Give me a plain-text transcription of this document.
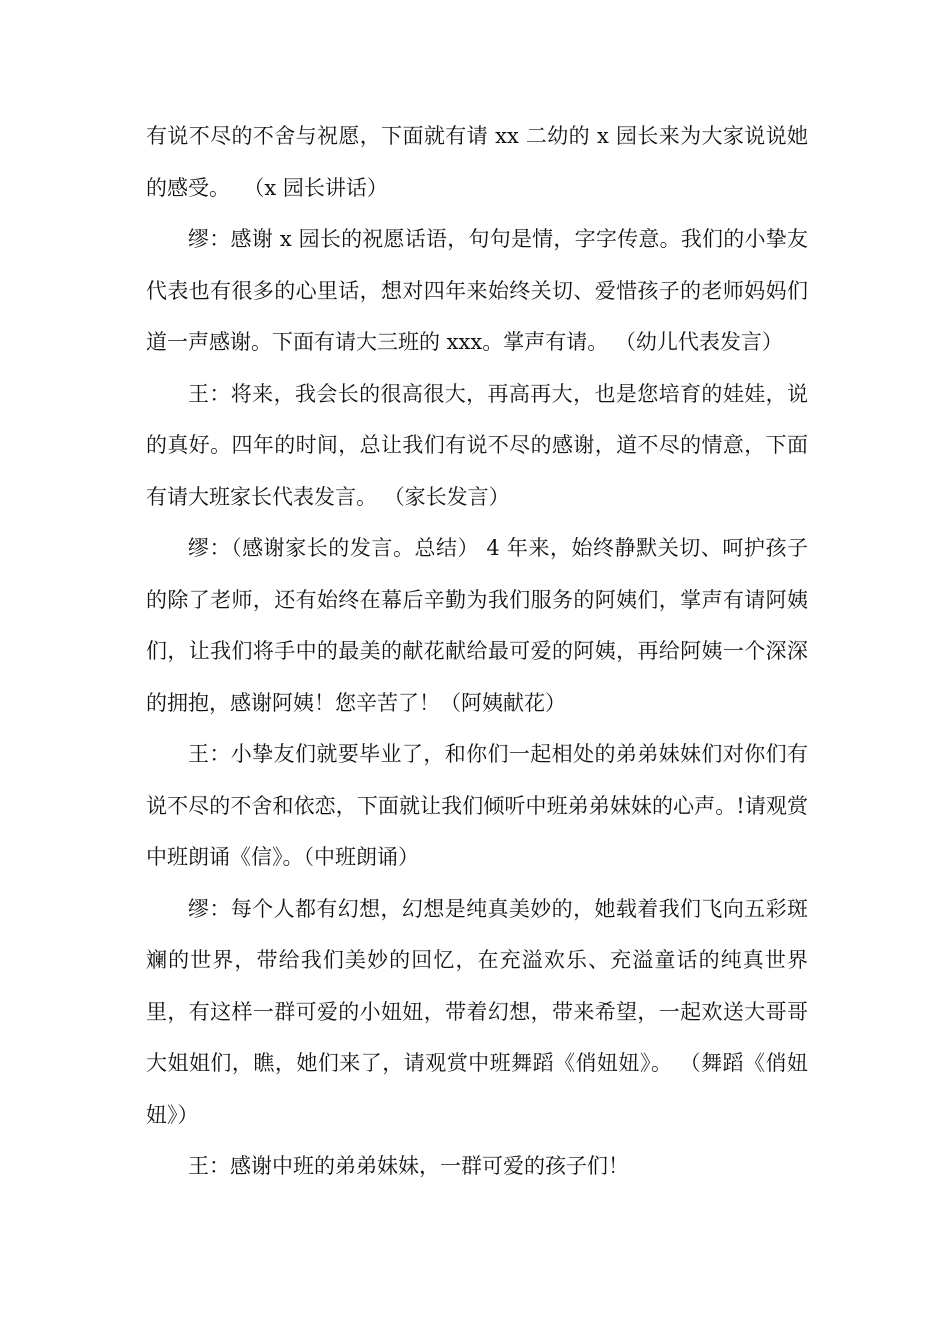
有说不尽的不舍与祝愿，下面就有请 xx 二幼的 x 园长来为大家说说她的感受。  （x 园长讲话）

缪：感谢 x 园长的祝愿话语，句句是情，字字传意。我们的小挚友代表也有很多的心里话，想对四年来始终关切、爱惜孩子的老师妈妈们道一声感谢。下面有请大三班的 xxx。掌声有请。 （幼儿代表发言）

王：将来，我会长的很高很大，再高再大，也是您培育的娃娃，说的真好。四年的时间，总让我们有说不尽的感谢，道不尽的情意，下面有请大班家长代表发言。 （家长发言）

缪：（感谢家长的发言。总结） 4 年来，始终静默关切、呵护孩子的除了老师，还有始终在幕后辛勤为我们服务的阿姨们，掌声有请阿姨们，让我们将手中的最美的献花献给最可爱的阿姨，再给阿姨一个深深的拥抱，感谢阿姨！您辛苦了！（阿姨献花）

王：小挚友们就要毕业了，和你们一起相处的弟弟妹妹们对你们有说不尽的不舍和依恋，下面就让我们倾听中班弟弟妹妹的心声。!请观赏中班朗诵《信》。（中班朗诵）

缪：每个人都有幻想，幻想是纯真美妙的，她载着我们飞向五彩斑斓的世界，带给我们美妙的回忆，在充溢欢乐、充溢童话的纯真世界里，有这样一群可爱的小妞妞，带着幻想，带来希望，一起欢送大哥哥大姐姐们，瞧，她们来了，请观赏中班舞蹈《俏妞妞》。 （舞蹈《俏妞妞》）

王：感谢中班的弟弟妹妹，一群可爱的孩子们！
